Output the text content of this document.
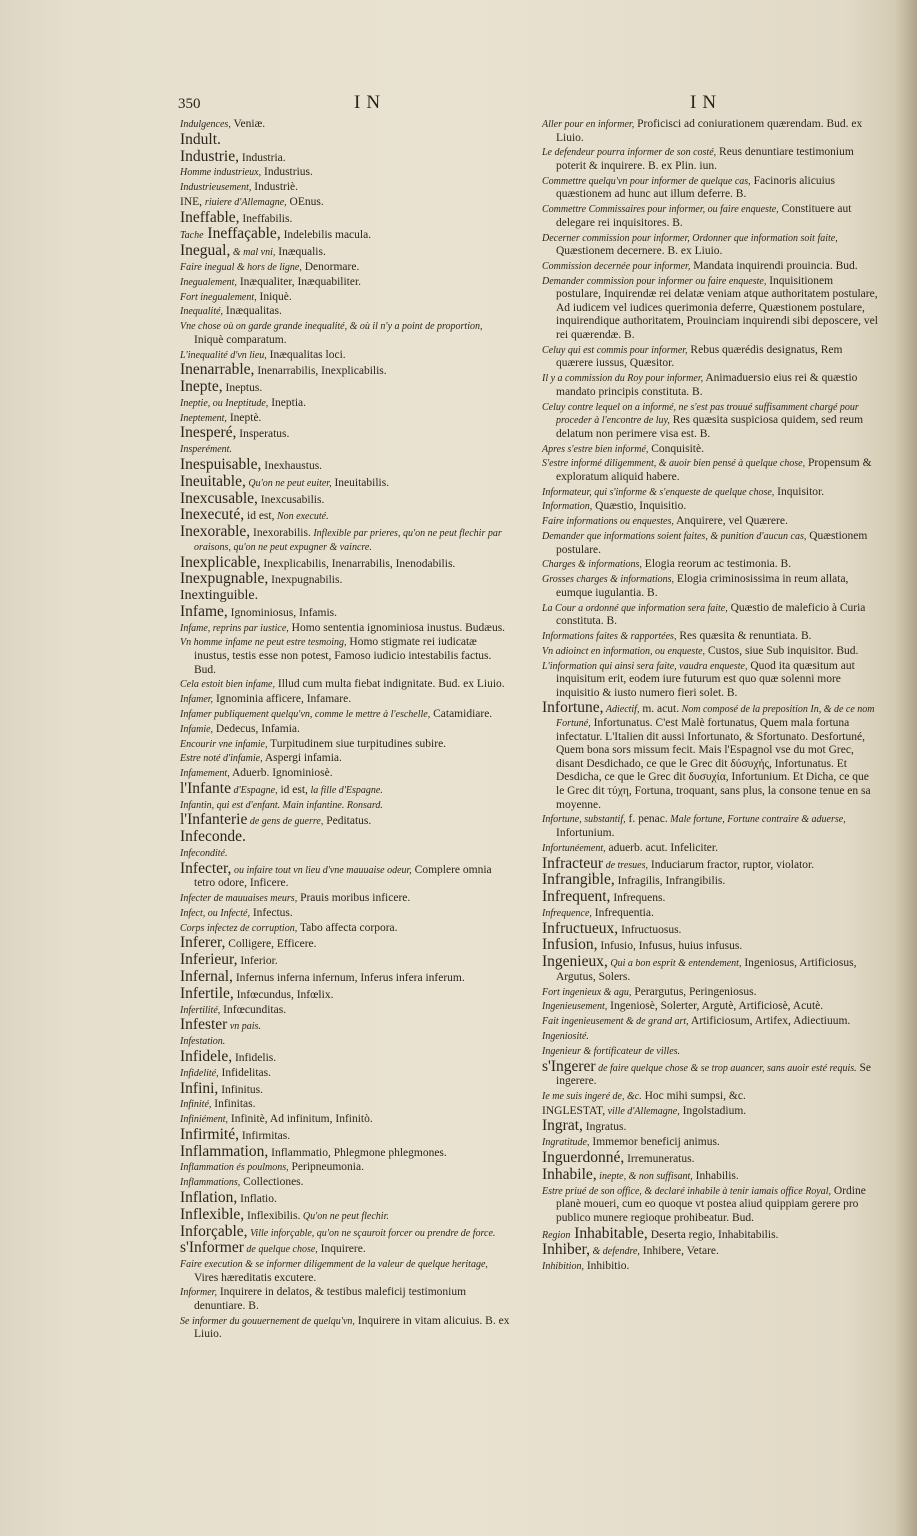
350	IN	IN
Indulgences, Veniæ.
Indult.
Industrie, Industria.
Homme industrieux, Industrius.
Industrieusement, Industriè.
INE, riuiere d'Allemagne, OEnus.
Ineffable, Ineffabilis.
Tache Ineffaçable, Indelebilis macula.
Inegual, & mal vni, Inæqualis.
Faire inegual & hors de ligne, Denormare.
Inegualement, Inæqualiter, Inæquabiliter.
Fort inegualement, Iniquè.
Inequalité, Inæqualitas.
Vne chose où on garde grande inequalité, & où il n'y a point de proportion, Iniquè comparatum.
L'inequalité d'vn lieu, Inæqualitas loci.
Inenarrable, Inenarrabilis, Inexplicabilis.
Inepte, Ineptus.
Ineptie, ou Ineptitude, Ineptia.
Ineptement, Ineptè.
Inesperé, Insperatus.
Insperément.
Inespuisable, Inexhaustus.
Ineuitable, Qu'on ne peut euiter, Ineuitabilis.
Inexcusable, Inexcusabilis.
Inexecuté, id est, Non executé.
Inexorable, Inexorabilis. Inflexible par prieres, qu'on ne peut flechir par oraisons, qu'on ne peut expugner & vaincre.
Inexplicable, Inexplicabilis, Inenarrabilis, Inenodabilis.
Inexpugnable, Inexpugnabilis.
Inextinguible.
Infame, Ignominiosus, Infamis.
Infame, reprins par iustice, Homo sententia ignominiosa inustus. Budæus.
Vn homme infame ne peut estre tesmoing, Homo stigmate rei iudicatæ inustus, testis esse non potest, Famoso iudicio intestabilis factus. Bud.
Cela estoit bien infame, Illud cum multa fiebat indignitate. Bud. ex Liuio.
Infamer, Ignominia afficere, Infamare.
Infamer publiquement quelqu'vn, comme le mettre à l'eschelle, Catamidiare.
Infamie, Dedecus, Infamia.
Encourir vne infamie, Turpitudinem siue turpitudines subire.
Estre noté d'infamie, Aspergi infamia.
Infamement, Aduerb. Ignominiosè.
l'Infante d'Espagne, id est, la fille d'Espagne.
Infantin, qui est d'enfant. Main infantine. Ronsard.
l'Infanterie de gens de guerre, Peditatus.
Infeconde.
Infecondité.
Infecter, ou infaire tout vn lieu d'vne mauuaise odeur, Complere omnia tetro odore, Inficere.
Infecter de mauuaises meurs, Prauis moribus inficere.
Infect, ou Infecté, Infectus.
Corps infectez de corruption, Tabo affecta corpora.
Inferer, Colligere, Efficere.
Inferieur, Inferior.
Infernal, Infernus inferna infernum, Inferus infera inferum.
Infertile, Infœcundus, Infœlix.
Infertilité, Infœcunditas.
Infester vn pais.
Infestation.
Infidele, Infidelis.
Infidelité, Infidelitas.
Infini, Infinitus.
Infinité, Infinitas.
Infiniément, Infinitè, Ad infinitum, Infinitò.
Infirmité, Infirmitas.
Inflammation, Inflammatio, Phlegmone phlegmones.
Inflammation és poulmons, Peripneumonia.
Inflammations, Collectiones.
Inflation, Inflatio.
Inflexible, Inflexibilis. Qu'on ne peut flechir.
Inforçable, Ville inforçable, qu'on ne sçauroit forcer ou prendre de force.
s'Informer de quelque chose, Inquirere.
Faire execution & se informer diligemment de la valeur de quelque heritage, Vires hæreditatis excutere.
Informer, Inquirere in delatos, & testibus maleficij testimonium denuntiare. B.
Se informer du gouuernement de quelqu'vn, Inquirere in vitam alicuius. B. ex Liuio.
Aller pour en informer, Proficisci ad coniurationem quærendam. Bud. ex Liuio.
Le defendeur pourra informer de son costé, Reus denuntiare testimonium poterit & inquirere. B. ex Plin. iun.
Commettre quelqu'vn pour informer de quelque cas, Facinoris alicuius quæstionem ad hunc aut illum deferre. B.
Commettre Commissaires pour informer, ou faire enqueste, Constituere aut delegare rei inquisitores. B.
Decerner commission pour informer, Ordonner que information soit faite, Quæstionem decernere. B. ex Liuio.
Commission decernée pour informer, Mandata inquirendi prouincia. Bud.
Demander commission pour informer ou faire enqueste, Inquisitionem postulare, Inquirendæ rei delatæ veniam atque authoritatem postulare, Ad iudicem vel iudices querimonia deferre, Quæstionem postulare, inquirendique authoritatem, Prouinciam inquirendi sibi deposcere, vel rei quærendæ. B.
Celuy qui est commis pour informer, Rebus quærédis designatus, Rem quærere iussus, Quæsitor.
Il y a commission du Roy pour informer, Animaduersio eius rei & quæstio mandato principis constituta. B.
Celuy contre lequel on a informé, ne s'est pas trouué suffisamment chargé pour proceder à l'encontre de luy, Res quæsita suspiciosa quidem, sed reum delatum non perimere visa est. B.
Apres s'estre bien informé, Conquisitè.
S'estre informé diligemment, & auoir bien pensé à quelque chose, Propensum & exploratum aliquid habere.
Informateur, qui s'informe & s'enqueste de quelque chose, Inquisitor.
Information, Quæstio, Inquisitio.
Faire informations ou enquestes, Anquirere, vel Quærere.
Demander que informations soient faites, & punition d'aucun cas, Quæstionem postulare.
Charges & informations, Elogia reorum ac testimonia. B.
Grosses charges & informations, Elogia criminosissima in reum allata, eumque iugulantia. B.
La Cour a ordonné que information sera faite, Quæstio de maleficio à Curia constituta. B.
Informations faites & rapportées, Res quæsita & renuntiata. B.
Vn adioinct en information, ou enqueste, Custos, siue Sub inquisitor. Bud.
L'information qui ainsi sera faite, vaudra enqueste, Quod ita quæsitum aut inquisitum erit, eodem iure futurum est quo quæ solenni more inquisitio & iusto numero fieri solet. B.
Infortune, Adiectif, m. acut. Nom composé de la preposition In, & de ce nom Fortuné, Infortunatus. C'est Malè fortunatus, Quem mala fortuna infectatur. L'Italien dit aussi Infortunato, & Sfortunato. Desfortuné, Quem bona sors missum fecit. Mais l'Espagnol vse du mot Grec, disant Desdichado, ce que le Grec dit δύσυχής, Infortunatus. Et Desdicha, ce que le Grec dit δυσυχία, Infortunium. Et Dicha, ce que le Grec dit τύχη, Fortuna, troquant, sans plus, la consone tenue en sa moyenne.
Infortune, substantif, f. penac. Male fortune, Fortune contraire & aduerse, Infortunium.
Infortunéement, aduerb. acut. Infeliciter.
Infracteur de tresues, Induciarum fractor, ruptor, violator.
Infrangible, Infragilis, Infrangibilis.
Infrequent, Infrequens.
Infrequence, Infrequentia.
Infructueux, Infructuosus.
Infusion, Infusio, Infusus, huius infusus.
Ingenieux, Qui a bon esprit & entendement, Ingeniosus, Artificiosus, Argutus, Solers.
Fort ingenieux & agu, Perargutus, Peringeniosus.
Ingenieusement, Ingeniosè, Solerter, Argutè, Artificiosè, Acutè.
Fait ingenieusement & de grand art, Artificiosum, Artifex, Adiectiuum.
Ingeniosité.
Ingenieur & fortificateur de villes.
s'Ingerer de faire quelque chose & se trop auancer, sans auoir esté requis. Se ingerere.
Ie me suis ingeré de, &c. Hoc mihi sumpsi, &c.
INGLESTAT, ville d'Allemagne, Ingolstadium.
Ingrat, Ingratus.
Ingratitude, Immemor beneficij animus.
Inguerdonné, Irremuneratus.
Inhabile, inepte, & non suffisant, Inhabilis.
Estre priué de son office, & declaré inhabile à tenir iamais office Royal, Ordine planè moueri, cum eo quoque vt postea aliud quippiam gerere pro publico munere regioque prohibeatur. Bud.
Region Inhabitable, Deserta regio, Inhabitabilis.
Inhiber, & defendre, Inhibere, Vetare.
Inhibition, Inhibitio.
